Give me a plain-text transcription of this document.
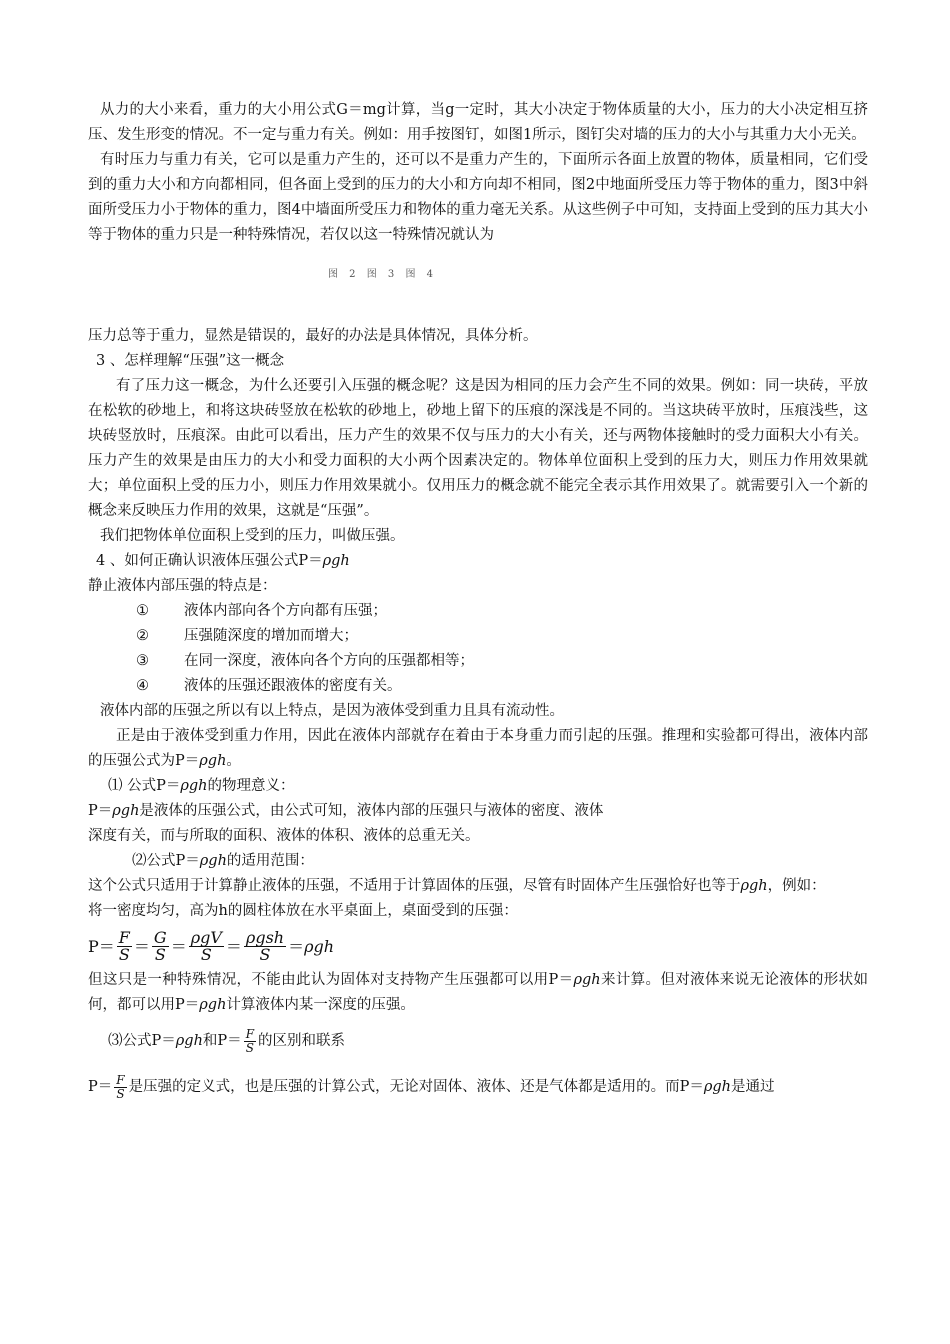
从力的大小来看，重力的大小用公式G＝mg计算，当g一定时，其大小决定于物体质量的大小，压力的大小决定相互挤压、发生形变的情况。不一定与重力有关。例如：用手按图钉，如图1所示，图钉尖对墙的压力的大小与其重力大小无关。

有时压力与重力有关，它可以是重力产生的，还可以不是重力产生的，下面所示各面上放置的物体，质量相同，它们受到的重力大小和方向都相同，但各面上受到的压力的大小和方向却不相同，图2中地面所受压力等于物体的重力，图3中斜面所受压力小于物体的重力，图4中墙面所受压力和物体的重力毫无关系。从这些例子中可知，支持面上受到的压力其大小等于物体的重力只是一种特殊情况，若仅以这一特殊情况就认为

图 2 图 3 图 4

压力总等于重力，显然是错误的，最好的办法是具体情况，具体分析。

3 、怎样理解“压强”这一概念

有了压力这一概念，为什么还要引入压强的概念呢？这是因为相同的压力会产生不同的效果。例如：同一块砖，平放在松软的砂地上，和将这块砖竖放在松软的砂地上，砂地上留下的压痕的深浅是不同的。当这块砖平放时，压痕浅些，这块砖竖放时，压痕深。由此可以看出，压力产生的效果不仅与压力的大小有关，还与两物体接触时的受力面积大小有关。压力产生的效果是由压力的大小和受力面积的大小两个因素决定的。物体单位面积上受到的压力大，则压力作用效果就大；单位面积上受的压力小，则压力作用效果就小。仅用压力的概念就不能完全表示其作用效果了。就需要引入一个新的概念来反映压力作用的效果，这就是“压强”。

我们把物体单位面积上受到的压力，叫做压强。

4 、如何正确认识液体压强公式P＝ρgh

静止液体内部压强的特点是：

①	液体内部向各个方向都有压强；
②	压强随深度的增加而增大；
③	在同一深度，液体向各个方向的压强都相等；
④	液体的压强还跟液体的密度有关。

液体内部的压强之所以有以上特点，是因为液体受到重力且具有流动性。

正是由于液体受到重力作用，因此在液体内部就存在着由于本身重力而引起的压强。推理和实验都可得出，液体内部的压强公式为P＝ρgh。

⑴ 公式P＝ρgh的物理意义：

P＝ρgh是液体的压强公式，由公式可知，液体内部的压强只与液体的密度、液体

深度有关，而与所取的面积、液体的体积、液体的总重无关。

⑵公式P＝ρgh的适用范围：

这个公式只适用于计算静止液体的压强，不适用于计算固体的压强，尽管有时固体产生压强恰好也等于ρgh，例如：

将一密度均匀，高为h的圆柱体放在水平桌面上，桌面受到的压强：

$P= \frac{F}{S} = \frac{G}{S} = \frac{\text{ρgV}}{S} = \frac{\text{ρgsh}}{S} = \rho gh$

但这只是一种特殊情况，不能由此认为固体对支持物产生压强都可以用P＝ρgh来计算。但对液体来说无论液体的形状如何，都可以用P＝ρgh计算液体内某一深度的压强。

⑶公式P＝ ρgh 和$P= \frac{F}{S}$ 的区别和联系
$P= \frac{F}{S}$ 是压强的定义式，也是压强的计算公式，无论对固体、液体、还是气体都是适用的。而P＝ ρgh 是通过
